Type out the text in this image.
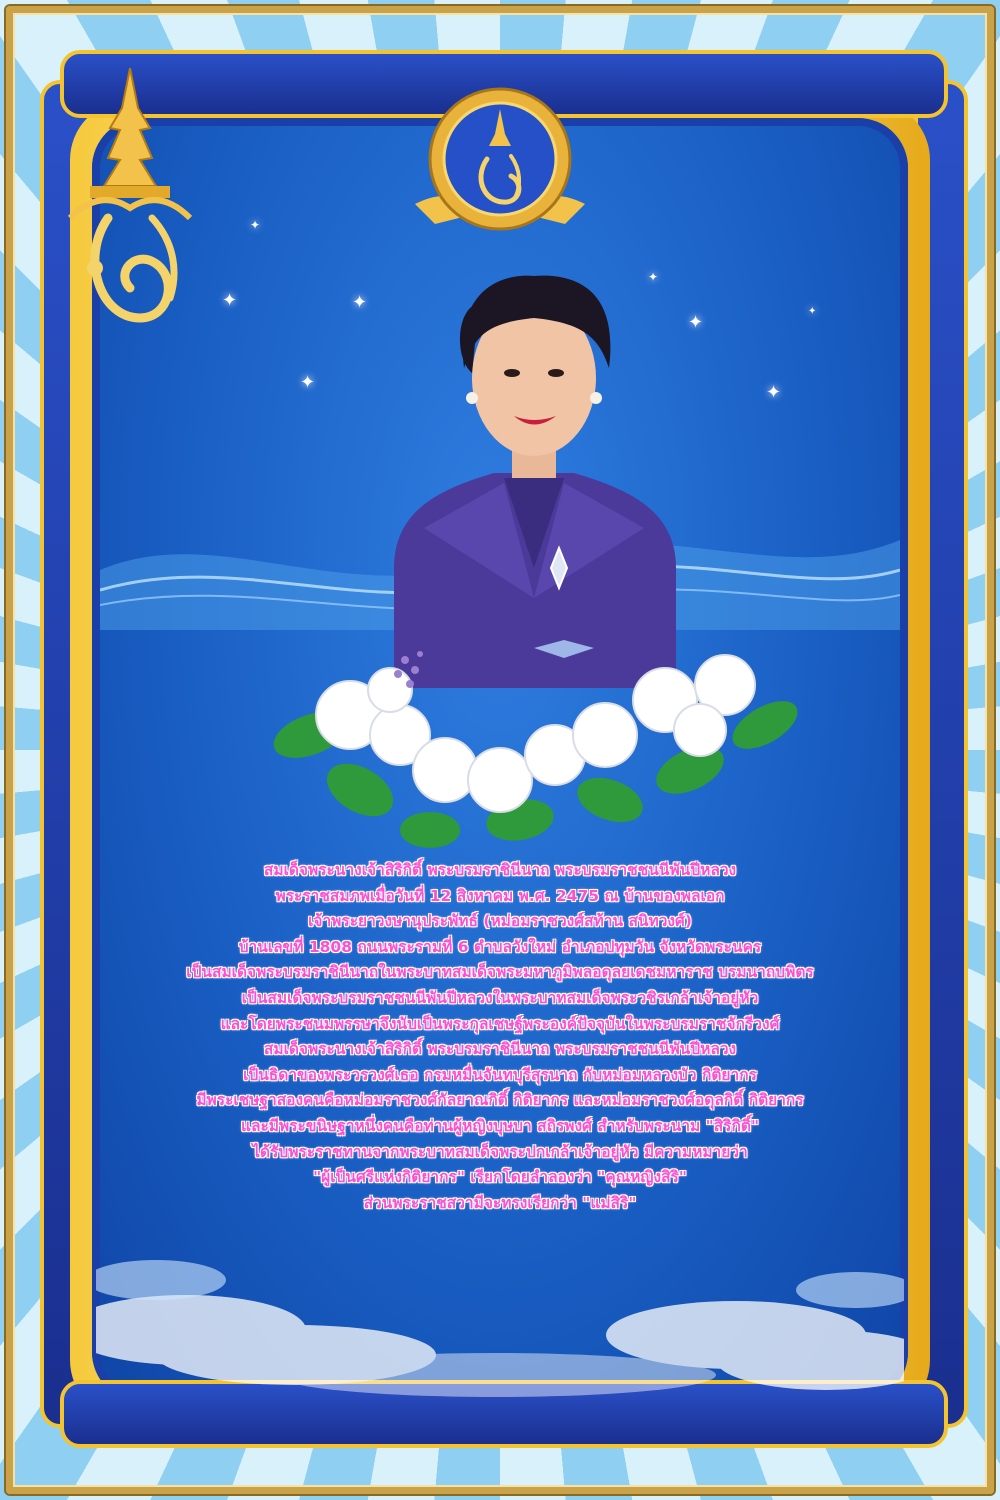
✦
✦
✦
✦
✦
✦
✦
✦
สมเด็จพระนางเจ้าสิริกิติ์ พระบรมราชินีนาถ พระบรมราชชนนีพันปีหลวง
พระราชสมภพเมื่อวันที่ 12 สิงหาคม พ.ศ. 2475 ณ บ้านของพลเอก
เจ้าพระยาวงษานุประพัทธ์ (หม่อมราชวงศ์สท้าน สนิทวงศ์)
บ้านเลขที่ 1808 ถนนพระรามที่ 6 ตำบลวังใหม่ อำเภอปทุมวัน จังหวัดพระนคร
เป็นสมเด็จพระบรมราชินีนาถในพระบาทสมเด็จพระมหาภูมิพลอดุลยเดชมหาราช บรมนาถบพิตร
เป็นสมเด็จพระบรมราชชนนีพันปีหลวงในพระบาทสมเด็จพระวชิรเกล้าเจ้าอยู่หัว
และโดยพระชนมพรรษาจึงนับเป็นพระกุลเชษฐ์พระองค์ปัจจุบันในพระบรมราชจักรีวงศ์
สมเด็จพระนางเจ้าสิริกิติ์ พระบรมราชินีนาถ พระบรมราชชนนีพันปีหลวง
เป็นธิดาของพระวรวงศ์เธอ กรมหมื่นจันทบุรีสุรนาถ กับหม่อมหลวงบัว กิติยากร
มีพระเชษฐาสองคนคือหม่อมราชวงศ์กัลยาณกิติ์ กิติยากร และหม่อมราชวงศ์อดุลกิติ์ กิติยากร
และมีพระขนิษฐาหนึ่งคนคือท่านผู้หญิงบุษบา สถิรพงศ์ สำหรับพระนาม "สิริกิติ์"
ได้รับพระราชทานจากพระบาทสมเด็จพระปกเกล้าเจ้าอยู่หัว มีความหมายว่า
"ผู้เป็นศรีแห่งกิติยากร" เรียกโดยลำลองว่า "คุณหญิงสิริ"
ส่วนพระราชสวามีจะทรงเรียกว่า "แม่สิริ"
